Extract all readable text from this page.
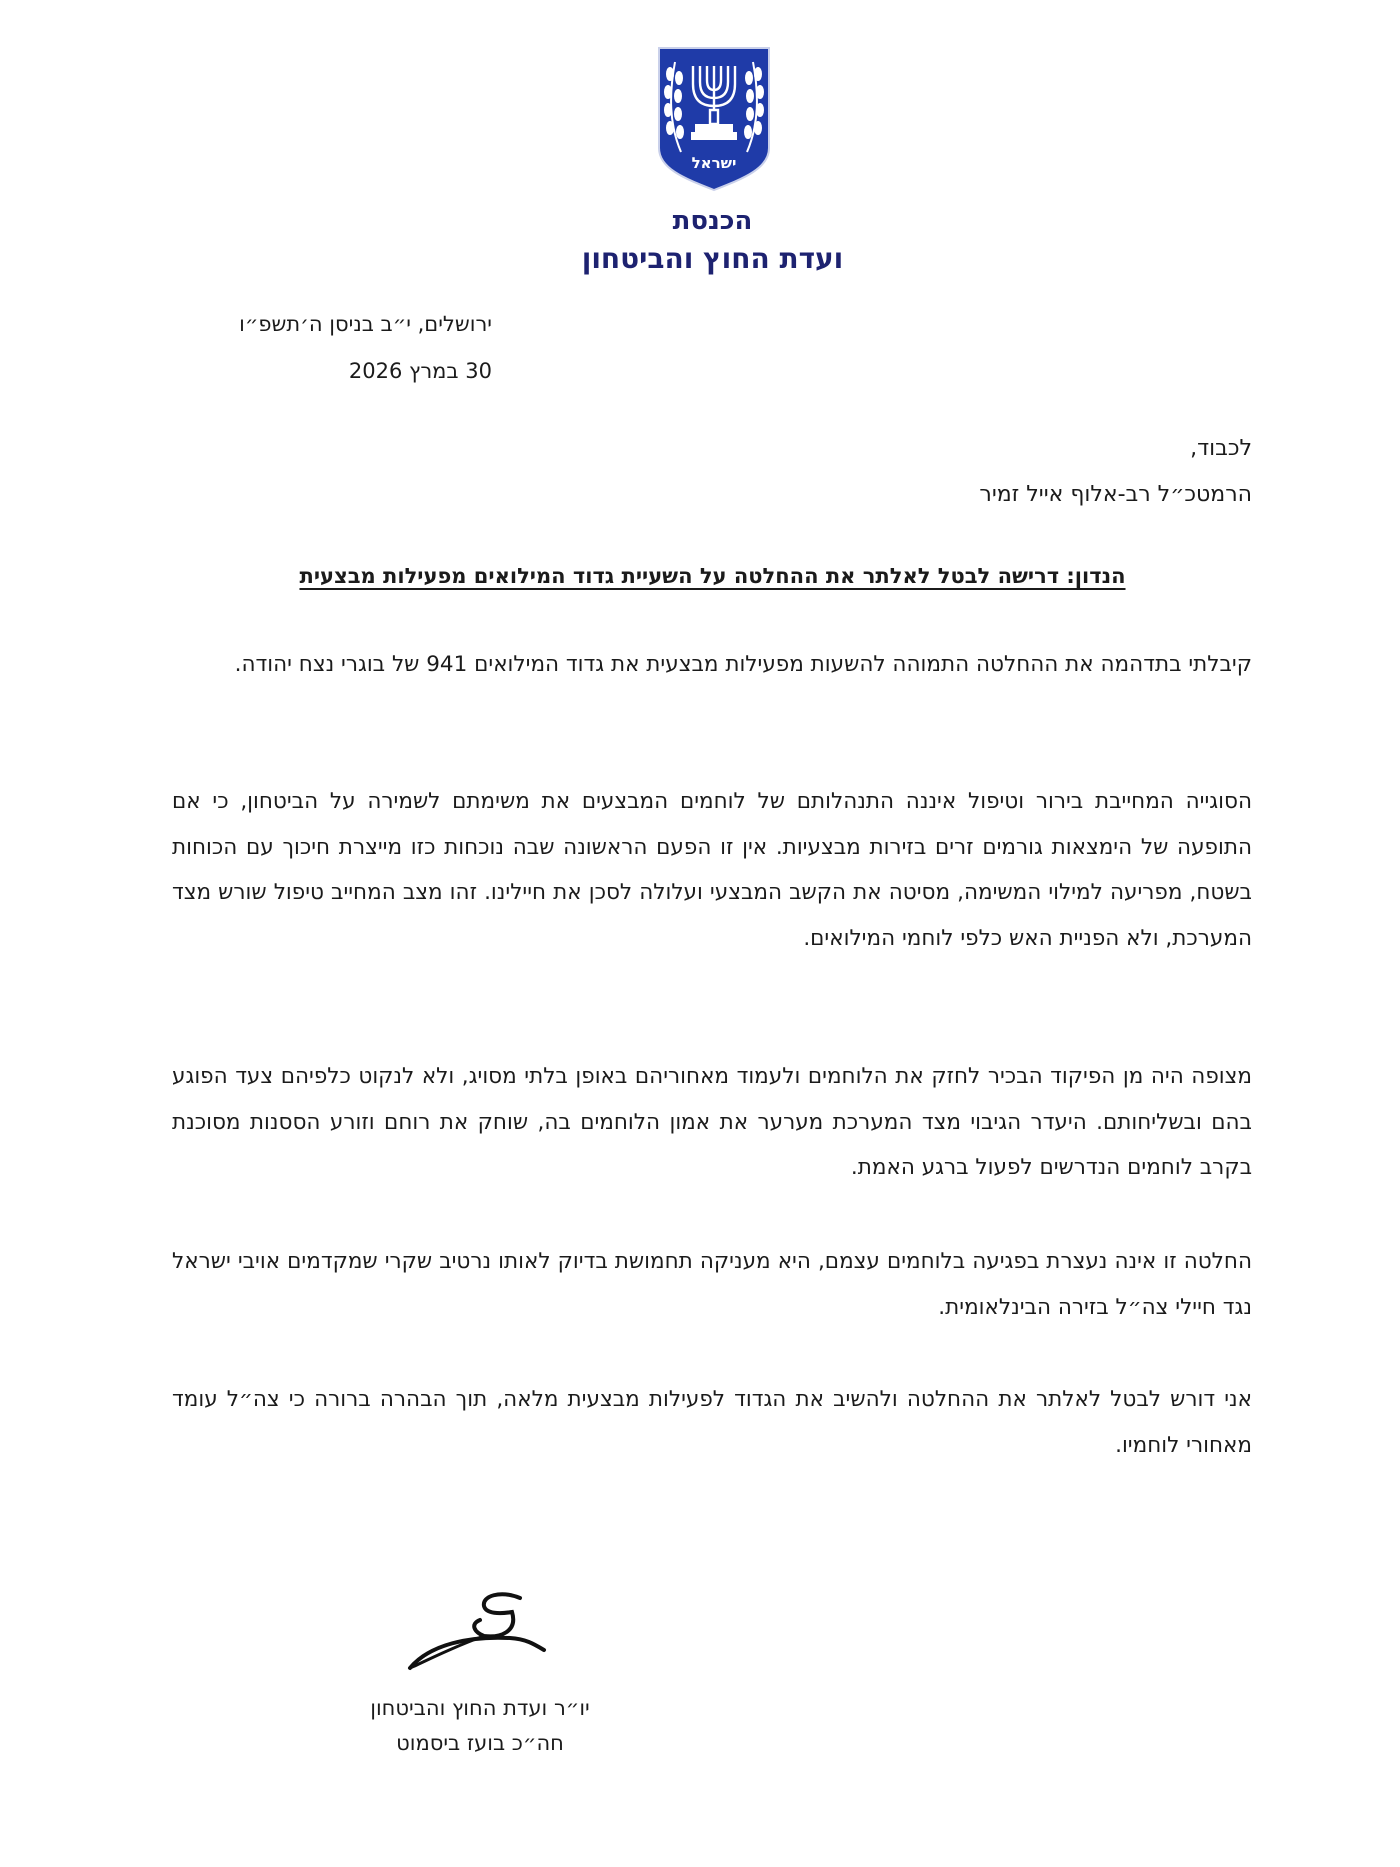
ישראל
הכנסת
ועדת החוץ והביטחון
ירושלים, י״ב בניסן ה׳תשפ״ו
30 במרץ 2026
לכבוד,
הרמטכ״ל רב-אלוף אייל זמיר
הנדון: דרישה לבטל לאלתר את ההחלטה על השעיית גדוד המילואים מפעילות מבצעית
קיבלתי בתדהמה את ההחלטה התמוהה להשעות מפעילות מבצעית את גדוד המילואים 941 של בוגרי נצח יהודה.
הסוגייה המחייבת בירור וטיפול איננה התנהלותם של לוחמים המבצעים את משימתם לשמירה על הביטחון, כי אם התופעה של הימצאות גורמים זרים בזירות מבצעיות. אין זו הפעם הראשונה שבה נוכחות כזו מייצרת חיכוך עם הכוחות בשטח, מפריעה למילוי המשימה, מסיטה את הקשב המבצעי ועלולה לסכן את חיילינו. זהו מצב המחייב טיפול שורש מצד המערכת, ולא הפניית האש כלפי לוחמי המילואים.
מצופה היה מן הפיקוד הבכיר לחזק את הלוחמים ולעמוד מאחוריהם באופן בלתי מסויג, ולא לנקוט כלפיהם צעד הפוגע בהם ובשליחותם. היעדר הגיבוי מצד המערכת מערער את אמון הלוחמים בה, שוחק את רוחם וזורע הססנות מסוכנת בקרב לוחמים הנדרשים לפעול ברגע האמת.
החלטה זו אינה נעצרת בפגיעה בלוחמים עצמם, היא מעניקה תחמושת בדיוק לאותו נרטיב שקרי שמקדמים אויבי ישראל נגד חיילי צה״ל בזירה הבינלאומית.
אני דורש לבטל לאלתר את ההחלטה ולהשיב את הגדוד לפעילות מבצעית מלאה, תוך הבהרה ברורה כי צה״ל עומד מאחורי לוחמיו.
יו״ר ועדת החוץ והביטחון
חה״כ בועז ביסמוט
